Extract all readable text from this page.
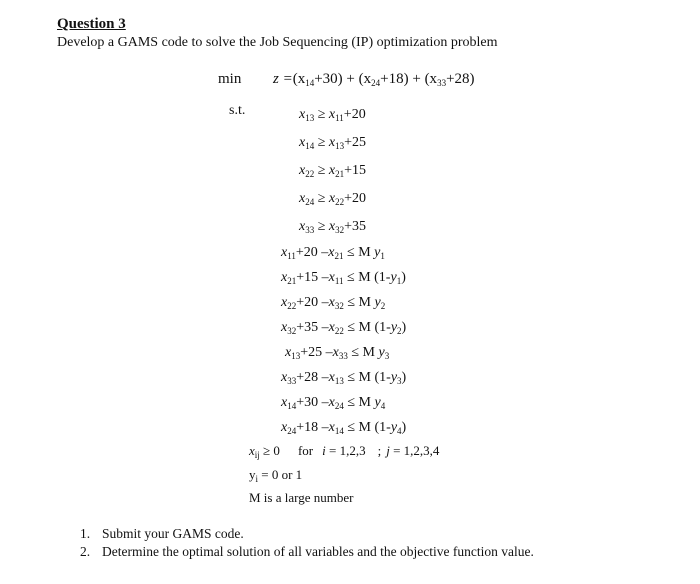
Question 3
Develop a GAMS code to solve the Job Sequencing (IP) optimization problem
$\min z =(x_{14}+30) + (x_{24}+18) + (x_{33}+28)$
s.t.	$x_{13} \ge x_{11}+20$
$x_{14} \ge x_{13}+25$
$x_{22} \ge x_{21}+15$
$x_{24} \ge x_{22}+20$
$x_{33} \ge x_{32}+35$
$x_{11}+20$ $-x_{21} \le M$ $y_1$
$x_{21}+15$ $-x_{11} \le M$ $(1-y_1)$
$x_{22}+20$ $-x_{32} \le M$ $y_2$
$x_{32}+35$ $-x_{22} \le M$ $(1-y_2)$
$x_{13}+25$ $-x_{33} \le M$ $y_3$
$x_{33}+28$ $-x_{13} \le M$ $(1-y_3)$
$x_{14}+30$ $-x_{24} \le M$ $y_4$
$x_{24}+18$ $-x_{14} \le M$ $(1-y_4)$
$x_{ij} \ge 0$ for i = 1,2,3 ; j = 1,2,3,4
$y_i = 0$ or 1
M is a large number
1. Submit your GAMS code.
2. Determine the optimal solution of all variables and the objective function value.
